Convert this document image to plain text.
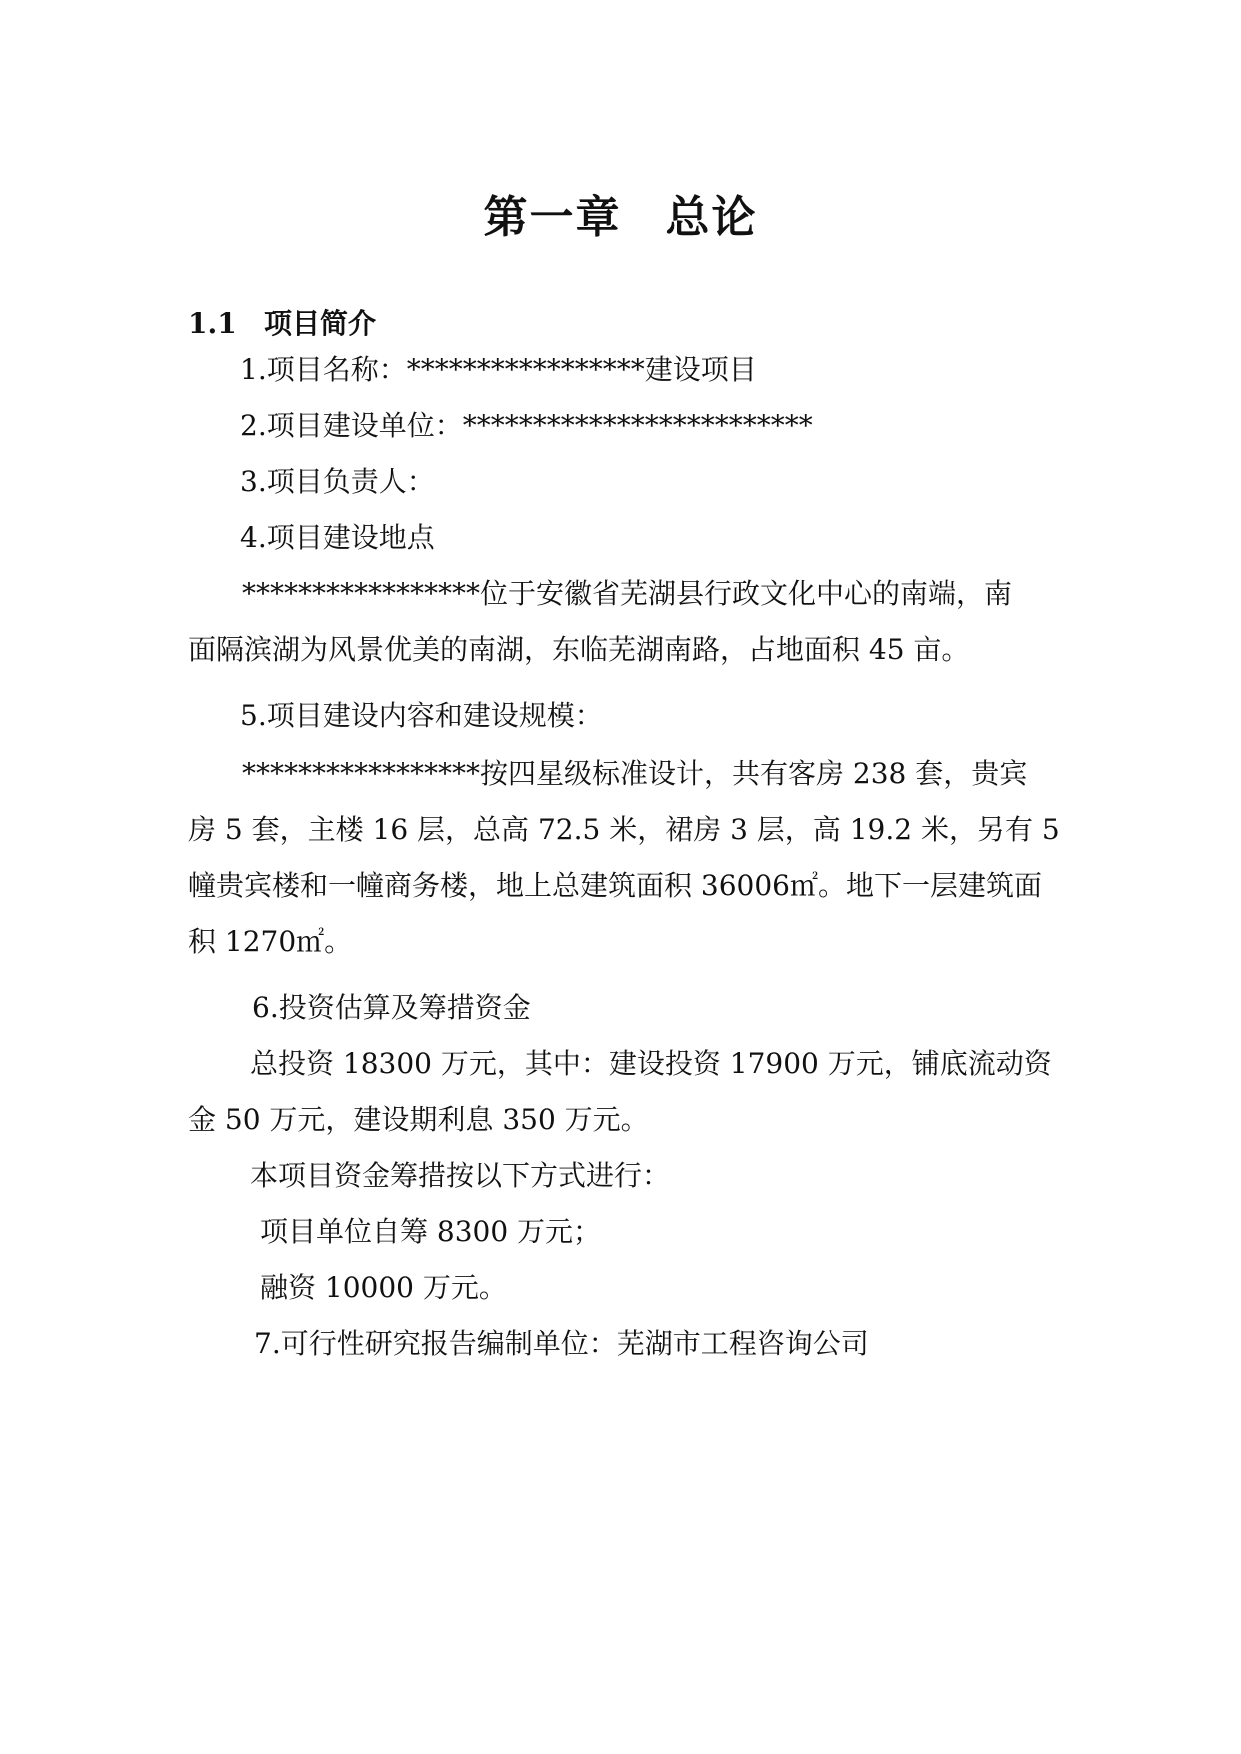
第一章 总论
1.1 项目简介
1.项目名称：*****************建设项目
2.项目建设单位：*************************
3.项目负责人：
4.项目建设地点
*****************位于安徽省芜湖县行政文化中心的南端，南
面隔滨湖为风景优美的南湖，东临芜湖南路，占地面积 45 亩。
5.项目建设内容和建设规模：
*****************按四星级标准设计，共有客房 238 套，贵宾
房 5 套，主楼 16 层，总高 72.5 米，裙房 3 层，高 19.2 米，另有 5
幢贵宾楼和一幢商务楼，地上总建筑面积 36006㎡。地下一层建筑面
积 1270㎡。
6.投资估算及筹措资金
总投资 18300 万元，其中：建设投资 17900 万元，铺底流动资
金 50 万元，建设期利息 350 万元。
本项目资金筹措按以下方式进行：
项目单位自筹 8300 万元；
融资 10000 万元。
7.可行性研究报告编制单位：芜湖市工程咨询公司
